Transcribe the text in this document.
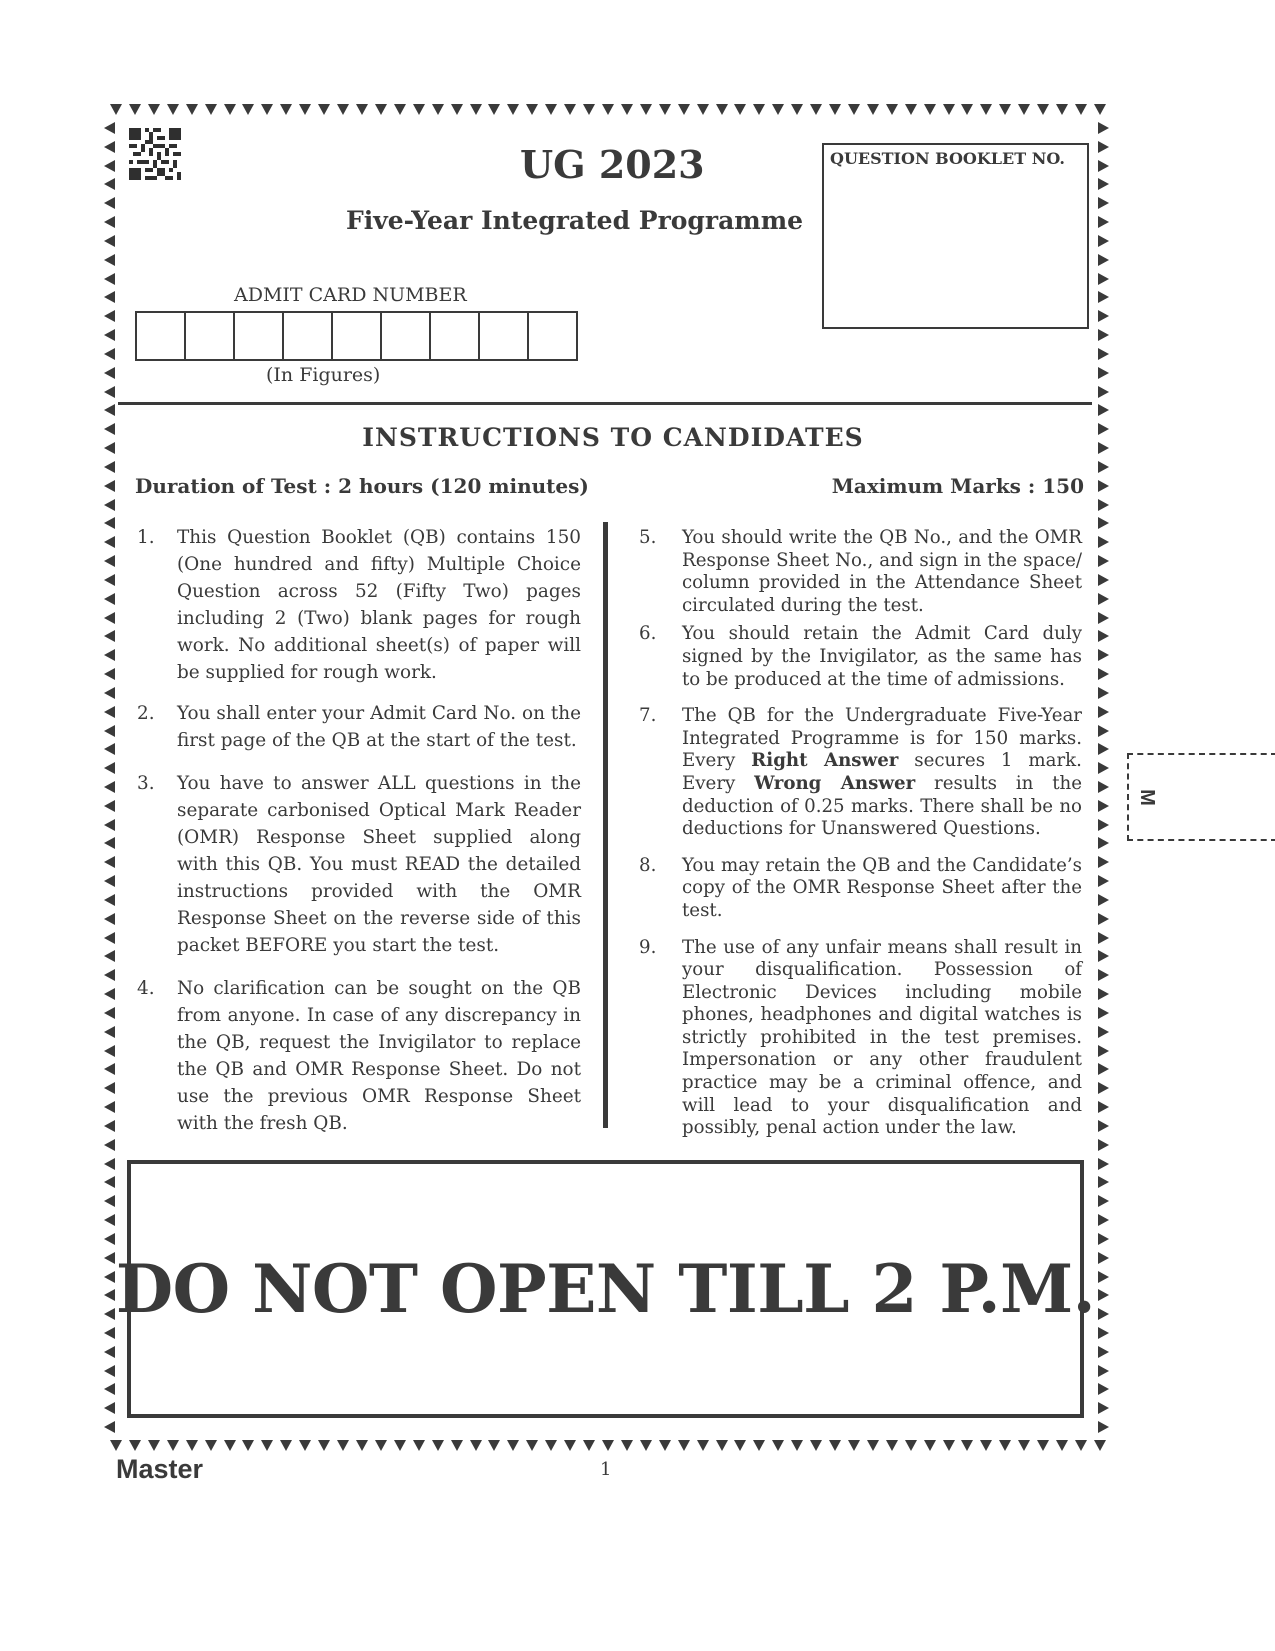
UG 2023
Five-Year Integrated Programme
QUESTION BOOKLET NO.
ADMIT CARD NUMBER
(In Figures)
INSTRUCTIONS TO CANDIDATES
Duration of Test : 2 hours (120 minutes)	Maximum Marks : 150
1.	This Question Booklet (QB) contains 150 (One hundred and fifty) Multiple Choice Question across 52 (Fifty Two) pages including 2 (Two) blank pages for rough work. No additional sheet(s) of paper will be supplied for rough work.
2.	You shall enter your Admit Card No. on the first page of the QB at the start of the test.
3.	You have to answer ALL questions in the separate carbonised Optical Mark Reader (OMR) Response Sheet supplied along with this QB. You must READ the detailed instructions provided with the OMR Response Sheet on the reverse side of this packet BEFORE you start the test.
4.	No clarification can be sought on the QB from anyone. In case of any discrepancy in the QB, request the Invigilator to replace the QB and OMR Response Sheet. Do not use the previous OMR Response Sheet with the fresh QB.
5.	You should write the QB No., and the OMR Response Sheet No., and sign in the space/ column provided in the Attendance Sheet circulated during the test.
6.	You should retain the Admit Card duly signed by the Invigilator, as the same has to be produced at the time of admissions.
7.	The QB for the Undergraduate Five-Year Integrated Programme is for 150 marks. Every Right Answer secures 1 mark. Every Wrong Answer results in the deduction of 0.25 marks. There shall be no deductions for Unanswered Questions.
8.	You may retain the QB and the Candidate’s copy of the OMR Response Sheet after the test.
9.	The use of any unfair means shall result in your disqualification. Possession of Electronic Devices including mobile phones, headphones and digital watches is strictly prohibited in the test premises. Impersonation or any other fraudulent practice may be a criminal offence, and will lead to your disqualification and possibly, penal action under the law.
DO NOT OPEN TILL 2 P.M.
M
Master	1
